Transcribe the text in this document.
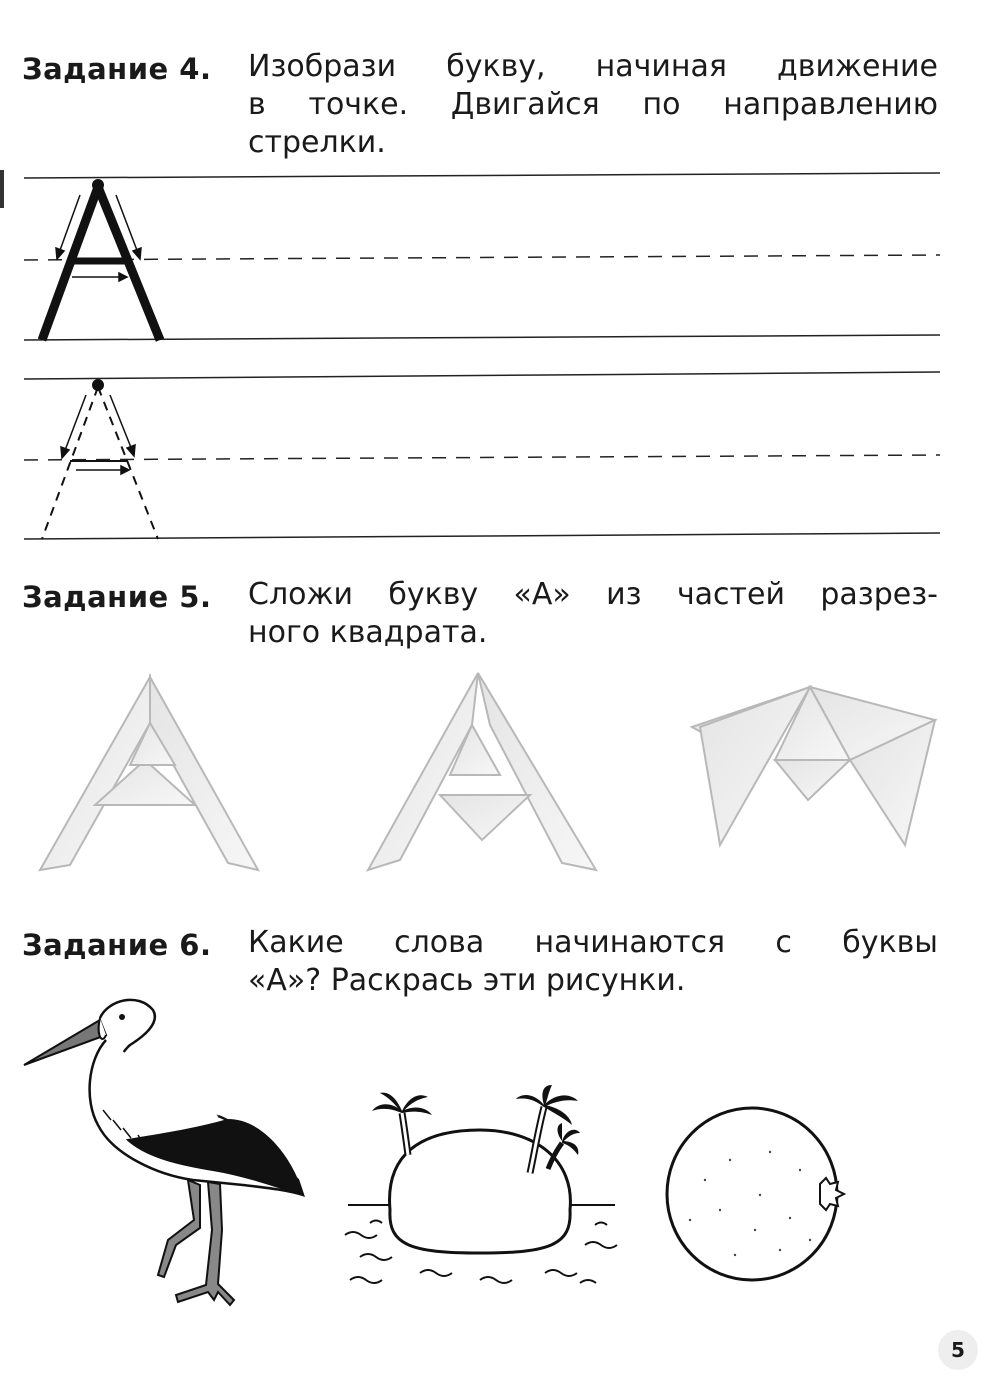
Задание 4. Изобрази букву, начиная движение
в точке. Двигайся по направлению
стрелки.
Задание 5. Сложи букву «А» из частей разрез-
ного квадрата.
Задание 6. Какие слова начинаются с буквы
«А»? Раскрась эти рисунки.
5
